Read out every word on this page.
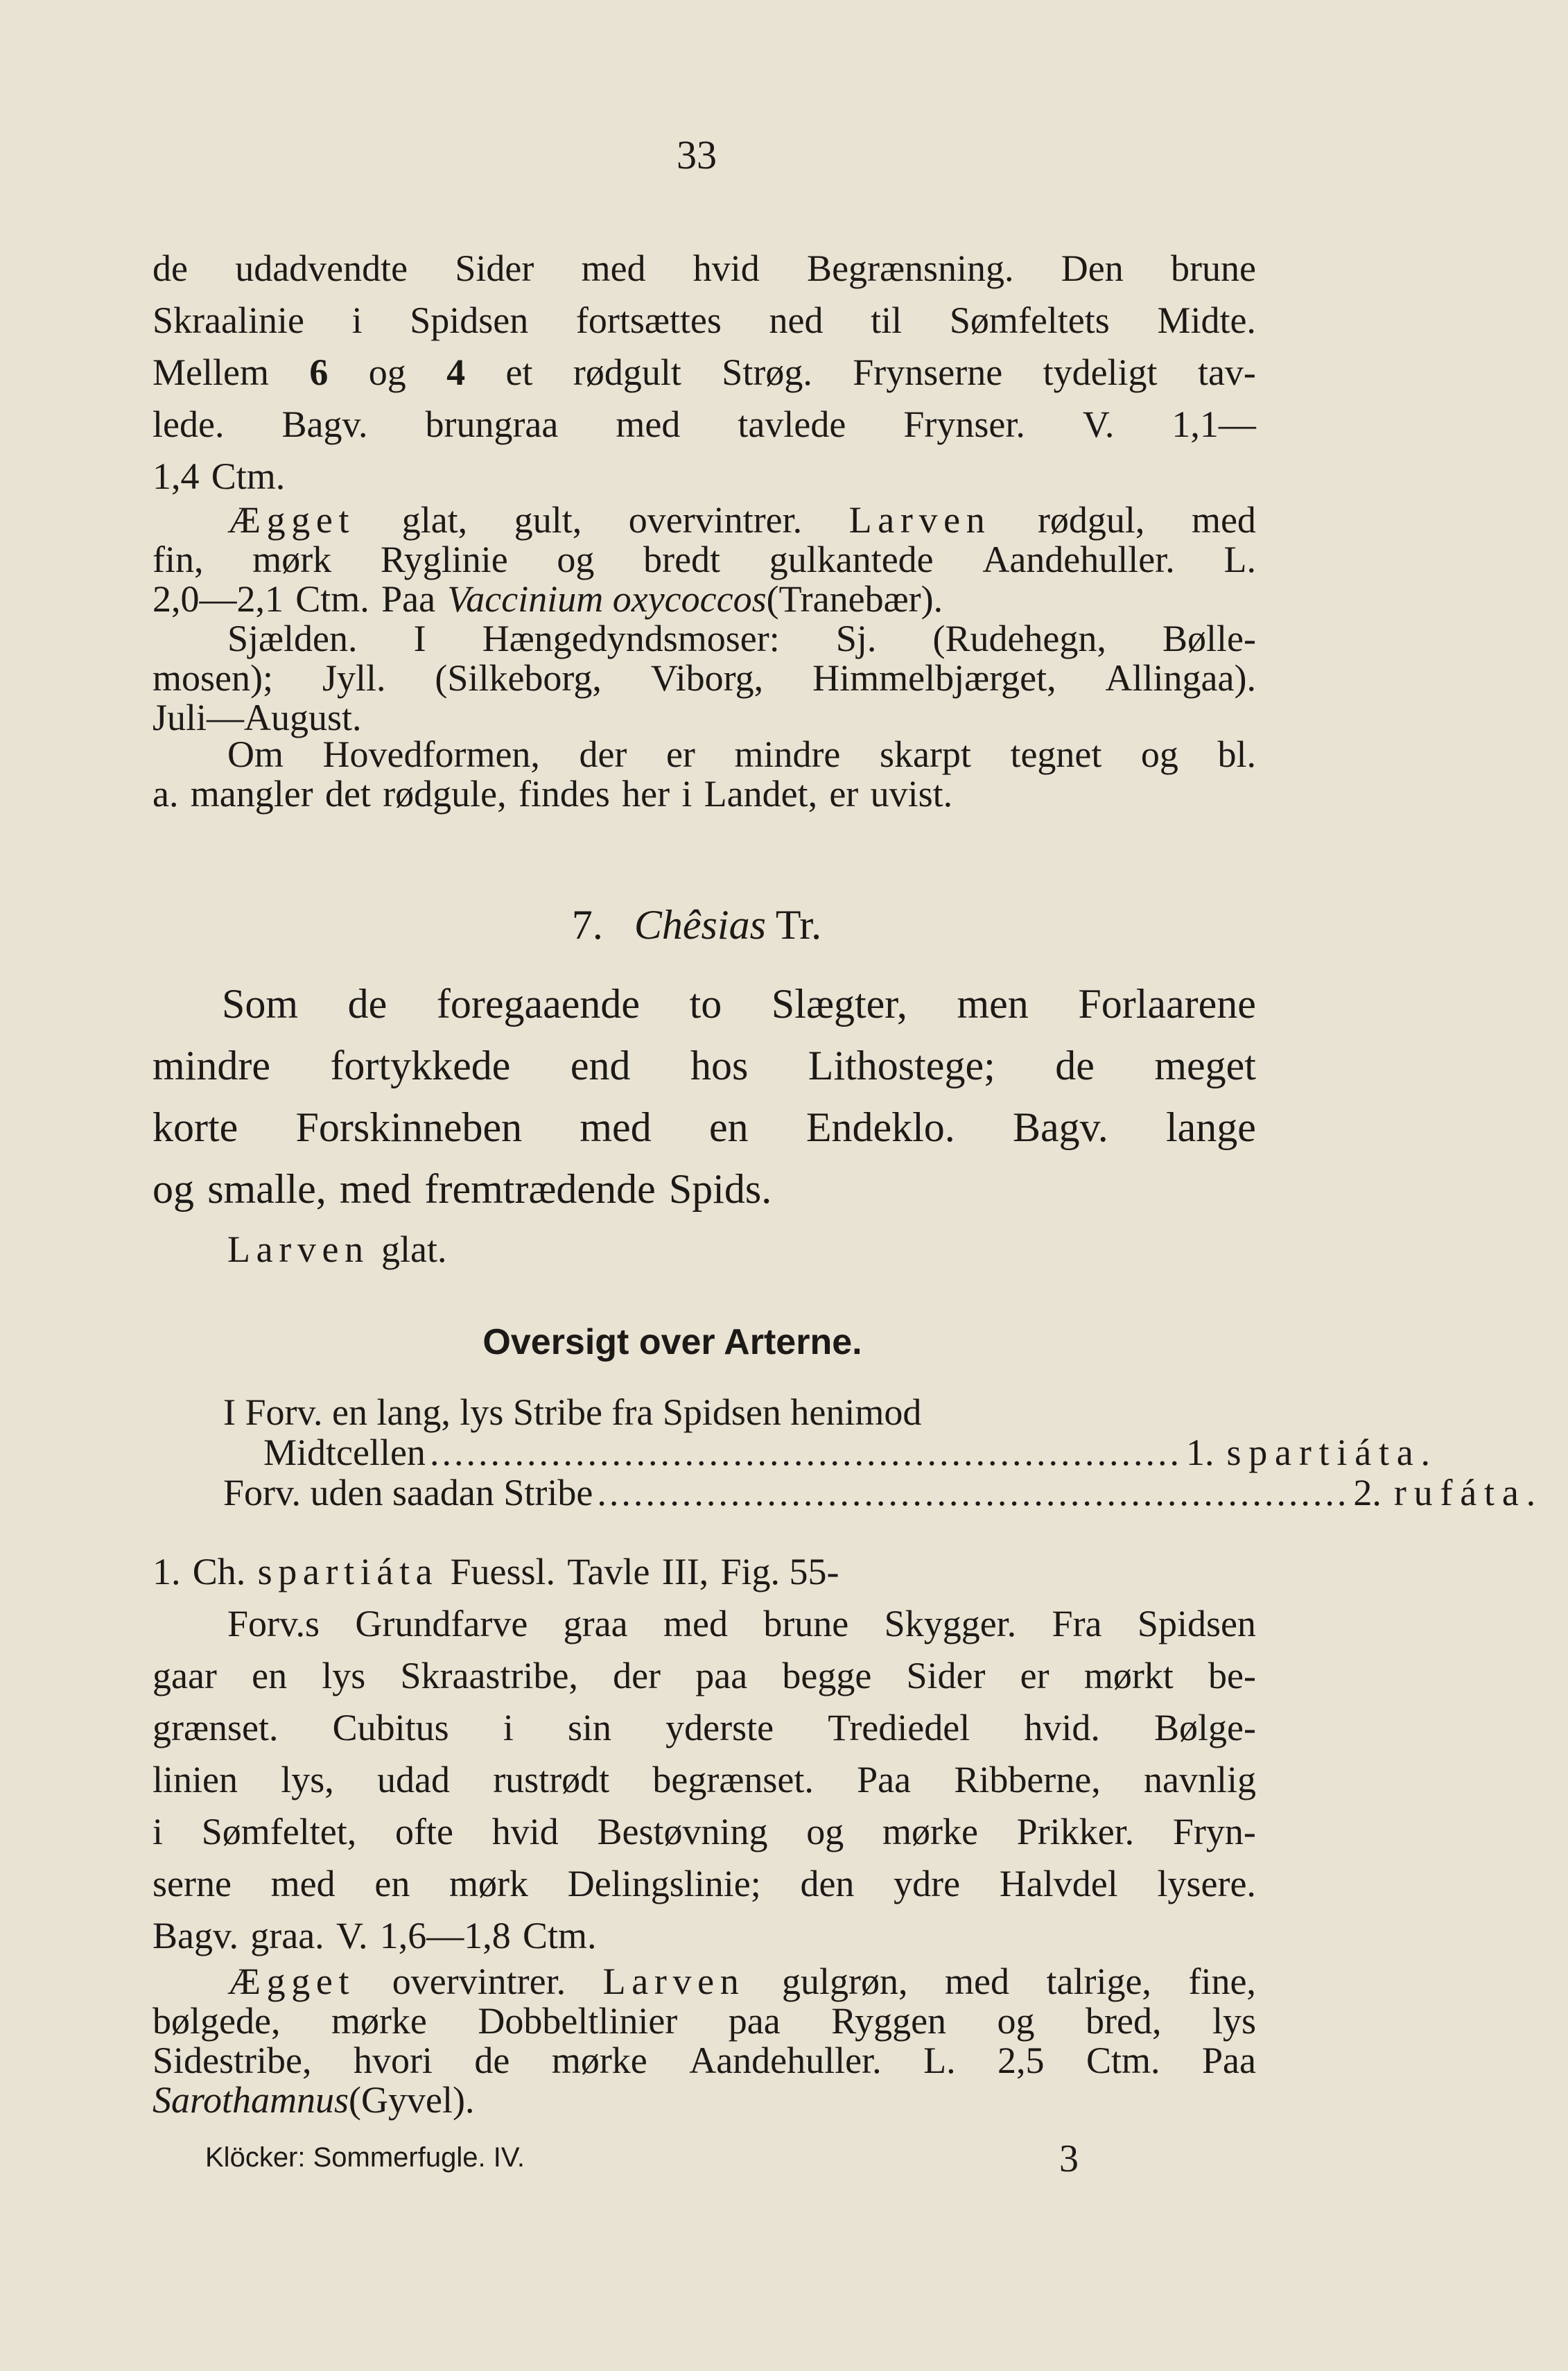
33
de udadvendte Sider med hvid Begrænsning. Den brune
Skraalinie i Spidsen fortsættes ned til Sømfeltets Midte.
Mellem 6 og 4 et rødgult Strøg. Frynserne tydeligt tav-
lede. Bagv. brungraa med tavlede Frynser. V. 1,1—
1,4 Ctm.
Ægget glat, gult, overvintrer. Larven rødgul, med
fin, mørk Ryglinie og bredt gulkantede Aandehuller. L.
2,0—2,1 Ctm. Paa Vaccinium oxycoccos (Tranebær).
Sjælden. I Hængedyndsmoser: Sj. (Rudehegn, Bølle-
mosen); Jyll. (Silkeborg, Viborg, Himmelbjærget, Allingaa).
Juli—August.
Om Hovedformen, der er mindre skarpt tegnet og bl.
a. mangler det rødgule, findes her i Landet, er uvist.
7. Chêsias Tr.
Som de foregaaende to Slægter, men Forlaarene
mindre fortykkede end hos Lithostege; de meget
korte Forskinneben med en Endeklo. Bagv. lange
og smalle, med fremtrædende Spids.
Larven glat.
Oversigt over Arterne.
I Forv. en lang, lys Stribe fra Spidsen henimod
Midtcellen .............................................................. 1. spartiáta.
Forv. uden saadan Stribe .............................................................. 2. rufáta.
1. Ch. spartiáta Fuessl. Tavle III, Fig. 55-
Forv.s Grundfarve graa med brune Skygger. Fra Spidsen
gaar en lys Skraastribe, der paa begge Sider er mørkt be-
grænset. Cubitus i sin yderste Trediedel hvid. Bølge-
linien lys, udad rustrødt begrænset. Paa Ribberne, navnlig
i Sømfeltet, ofte hvid Bestøvning og mørke Prikker. Fryn-
serne med en mørk Delingslinie; den ydre Halvdel lysere.
Bagv. graa. V. 1,6—1,8 Ctm.
Ægget overvintrer. Larven gulgrøn, med talrige, fine,
bølgede, mørke Dobbeltlinier paa Ryggen og bred, lys
Sidestribe, hvori de mørke Aandehuller. L. 2,5 Ctm. Paa
Sarothamnus (Gyvel).
Klöcker: Sommerfugle. IV.	3
